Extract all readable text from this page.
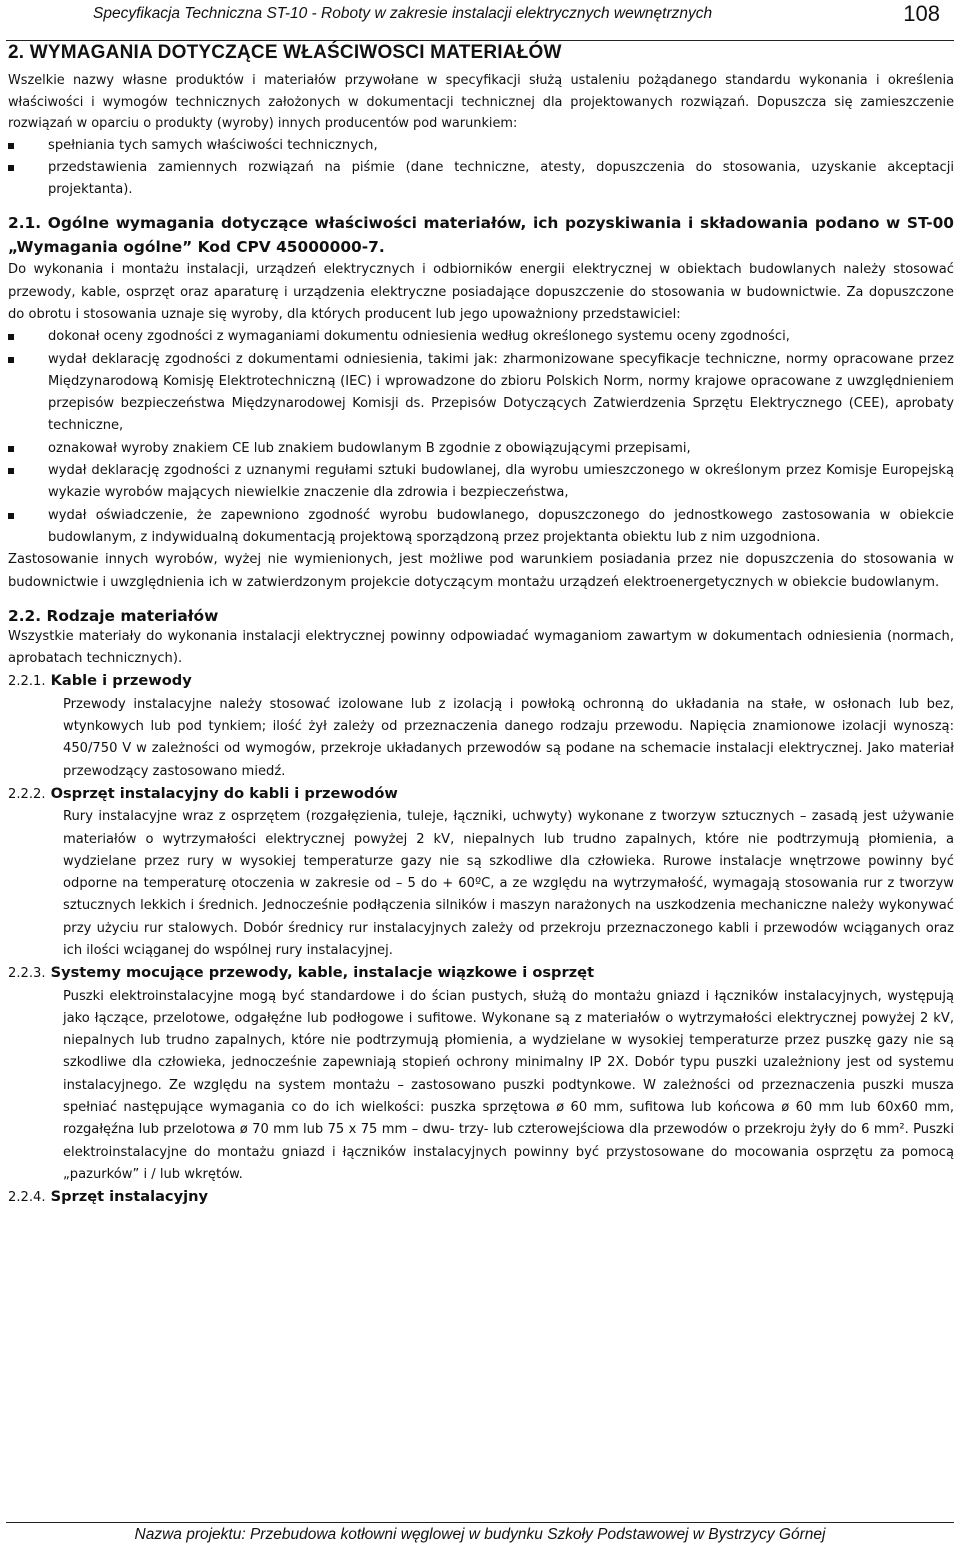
Specyfikacja Techniczna ST-10 - Roboty w zakresie instalacji elektrycznych wewnętrznych	108
2. WYMAGANIA DOTYCZĄCE WŁAŚCIWOSCI MATERIAŁÓW

Wszelkie nazwy własne produktów i materiałów przywołane w specyfikacji służą ustaleniu pożądanego standardu wykonania i określenia właściwości i wymogów technicznych założonych w dokumentacji technicznej dla projektowanych rozwiązań. Dopuszcza się zamieszczenie rozwiązań w oparciu o produkty (wyroby) innych producentów pod warunkiem:

spełniania tych samych właściwości technicznych,
przedstawienia zamiennych rozwiązań na piśmie (dane techniczne, atesty, dopuszczenia do stosowania, uzyskanie akceptacji projektanta).
2.1. Ogólne wymagania dotyczące właściwości materiałów, ich pozyskiwania i składowania podano w ST-00 „Wymagania ogólne” Kod CPV 45000000-7.

Do wykonania i montażu instalacji, urządzeń elektrycznych i odbiorników energii elektrycznej w obiektach budowlanych należy stosować przewody, kable, osprzęt oraz aparaturę i urządzenia elektryczne posiadające dopuszczenie do stosowania w budownictwie. Za dopuszczone do obrotu i stosowania uznaje się wyroby, dla których producent lub jego upoważniony przedstawiciel:

dokonał oceny zgodności z wymaganiami dokumentu odniesienia według określonego systemu oceny zgodności,
wydał deklarację zgodności z dokumentami odniesienia, takimi jak: zharmonizowane specyfikacje techniczne, normy opracowane przez Międzynarodową Komisję Elektrotechniczną (IEC) i wprowadzone do zbioru Polskich Norm, normy krajowe opracowane z uwzględnieniem przepisów bezpieczeństwa Międzynarodowej Komisji ds. Przepisów Dotyczących Zatwierdzenia Sprzętu Elektrycznego (CEE), aprobaty techniczne,
oznakował wyroby znakiem CE lub znakiem budowlanym B zgodnie z obowiązującymi przepisami,
wydał deklarację zgodności z uznanymi regułami sztuki budowlanej, dla wyrobu umieszczonego w określonym przez Komisje Europejską wykazie wyrobów mających niewielkie znaczenie dla zdrowia i bezpieczeństwa,
wydał oświadczenie, że zapewniono zgodność wyrobu budowlanego, dopuszczonego do jednostkowego zastosowania w obiekcie budowlanym, z indywidualną dokumentacją projektową sporządzoną przez projektanta obiektu lub z nim uzgodniona.

Zastosowanie innych wyrobów, wyżej nie wymienionych, jest możliwe pod warunkiem posiadania przez nie dopuszczenia do stosowania w budownictwie i uwzględnienia ich w zatwierdzonym projekcie dotyczącym montażu urządzeń elektroenergetycznych w obiekcie budowlanym.

2.2. Rodzaje materiałów

Wszystkie materiały do wykonania instalacji elektrycznej powinny odpowiadać wymaganiom zawartym w dokumentach odniesienia (normach, aprobatach technicznych).

2.2.1. Kable i przewody

Przewody instalacyjne należy stosować izolowane lub z izolacją i powłoką ochronną do układania na stałe, w osłonach lub bez, wtynkowych lub pod tynkiem; ilość żył zależy od przeznaczenia danego rodzaju przewodu. Napięcia znamionowe izolacji wynoszą: 450/750 V w zależności od wymogów, przekroje układanych przewodów są podane na schemacie instalacji elektrycznej. Jako materiał przewodzący zastosowano miedź.

2.2.2. Osprzęt instalacyjny do kabli i przewodów

Rury instalacyjne wraz z osprzętem (rozgałęzienia, tuleje, łączniki, uchwyty) wykonane z tworzyw sztucznych – zasadą jest używanie materiałów o wytrzymałości elektrycznej powyżej 2 kV, niepalnych lub trudno zapalnych, które nie podtrzymują płomienia, a wydzielane przez rury w wysokiej temperaturze gazy nie są szkodliwe dla człowieka. Rurowe instalacje wnętrzowe powinny być odporne na temperaturę otoczenia w zakresie od – 5 do + 60ºC, a ze względu na wytrzymałość, wymagają stosowania rur z tworzyw sztucznych lekkich i średnich. Jednocześnie podłączenia silników i maszyn narażonych na uszkodzenia mechaniczne należy wykonywać przy użyciu rur stalowych. Dobór średnicy rur instalacyjnych zależy od przekroju przeznaczonego kabli i przewodów wciąganych oraz ich ilości wciąganej do wspólnej rury instalacyjnej.

2.2.3. Systemy mocujące przewody, kable, instalacje wiązkowe i osprzęt

Puszki elektroinstalacyjne mogą być standardowe i do ścian pustych, służą do montażu gniazd i łączników instalacyjnych, występują jako łączące, przelotowe, odgałęźne lub podłogowe i sufitowe. Wykonane są z materiałów o wytrzymałości elektrycznej powyżej 2 kV, niepalnych lub trudno zapalnych, które nie podtrzymują płomienia, a wydzielane w wysokiej temperaturze przez puszkę gazy nie są szkodliwe dla człowieka, jednocześnie zapewniają stopień ochrony minimalny IP 2X. Dobór typu puszki uzależniony jest od systemu instalacyjnego. Ze względu na system montażu – zastosowano puszki podtynkowe. W zależności od przeznaczenia puszki musza spełniać następujące wymagania co do ich wielkości: puszka sprzętowa ø 60 mm, sufitowa lub końcowa ø 60 mm lub 60x60 mm, rozgałęźna lub przelotowa ø 70 mm lub 75 x 75 mm – dwu- trzy- lub czterowejściowa dla przewodów o przekroju żyły do 6 mm². Puszki elektroinstalacyjne do montażu gniazd i łączników instalacyjnych powinny być przystosowane do mocowania osprzętu za pomocą „pazurków” i / lub wkrętów.

2.2.4. Sprzęt instalacyjny
Nazwa projektu: Przebudowa kotłowni węglowej w budynku Szkoły Podstawowej w Bystrzycy Górnej
